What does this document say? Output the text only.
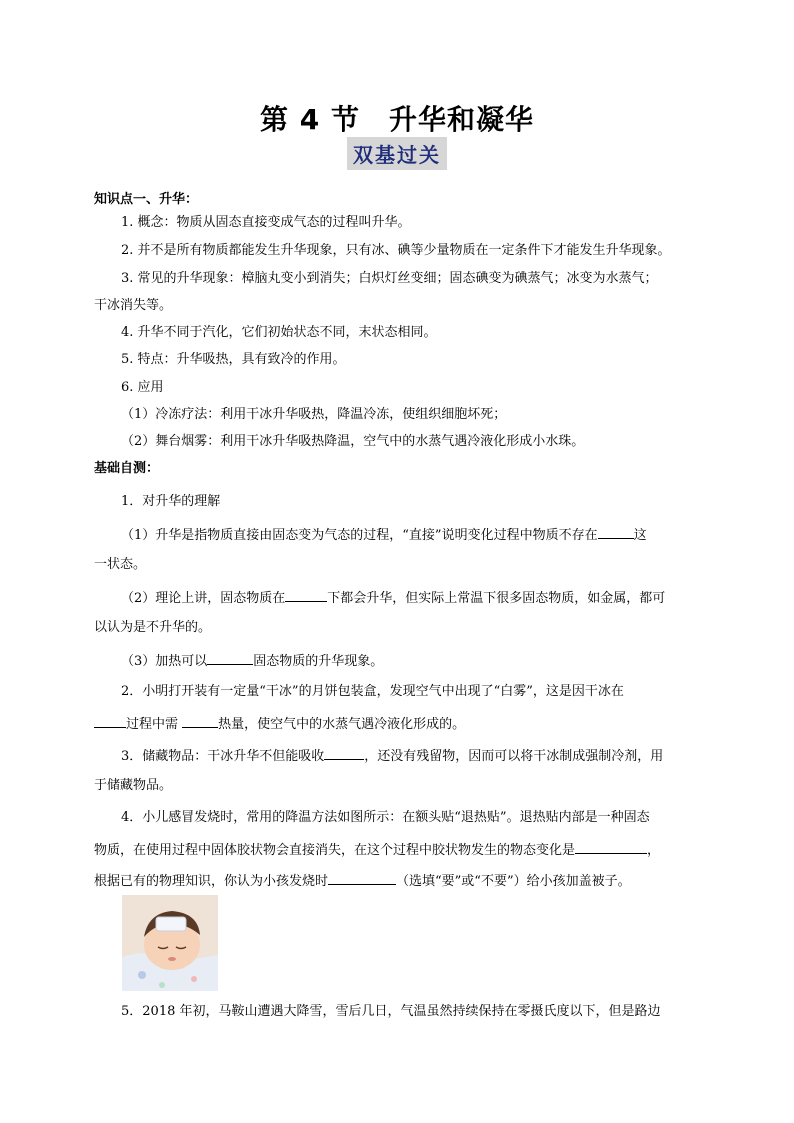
第 4 节　升华和凝华
双基过关
知识点一、升华：
1. 概念：物质从固态直接变成气态的过程叫升华。
2. 并不是所有物质都能发生升华现象，只有冰、碘等少量物质在一定条件下才能发生升华现象。
3. 常见的升华现象：樟脑丸变小到消失；白炽灯丝变细；固态碘变为碘蒸气；冰变为水蒸气；
干冰消失等。
4. 升华不同于汽化，它们初始状态不同，末状态相同。
5. 特点：升华吸热，具有致冷的作用。
6. 应用
（1）冷冻疗法：利用干冰升华吸热，降温冷冻，使组织细胞坏死；
（2）舞台烟雾：利用干冰升华吸热降温，空气中的水蒸气遇冷液化形成小水珠。
基础自测：
1．对升华的理解
（1）升华是指物质直接由固态变为气态的过程，“直接”说明变化过程中物质不存在	这
一状态。
（2）理论上讲，固态物质在	下都会升华，但实际上常温下很多固态物质，如金属，都可
以认为是不升华的。
（3）加热可以	固态物质的升华现象。
2．小明打开装有一定量“干冰”的月饼包装盒，发现空气中出现了“白雾”，这是因干冰在
过程中需	热量，使空气中的水蒸气遇冷液化形成的。
3．储藏物品：干冰升华不但能吸收	，还没有残留物，因而可以将干冰制成强制冷剂，用
于储藏物品。
4．小儿感冒发烧时，常用的降温方法如图所示：在额头贴“退热贴”。退热贴内部是一种固态
物质，在使用过程中固体胶状物会直接消失，在这个过程中胶状物发生的物态变化是	，
根据已有的物理知识，你认为小孩发烧时	（选填“要”或“不要”）给小孩加盖被子。
5．2018 年初，马鞍山遭遇大降雪，雪后几日，气温虽然持续保持在零摄氏度以下，但是路边
